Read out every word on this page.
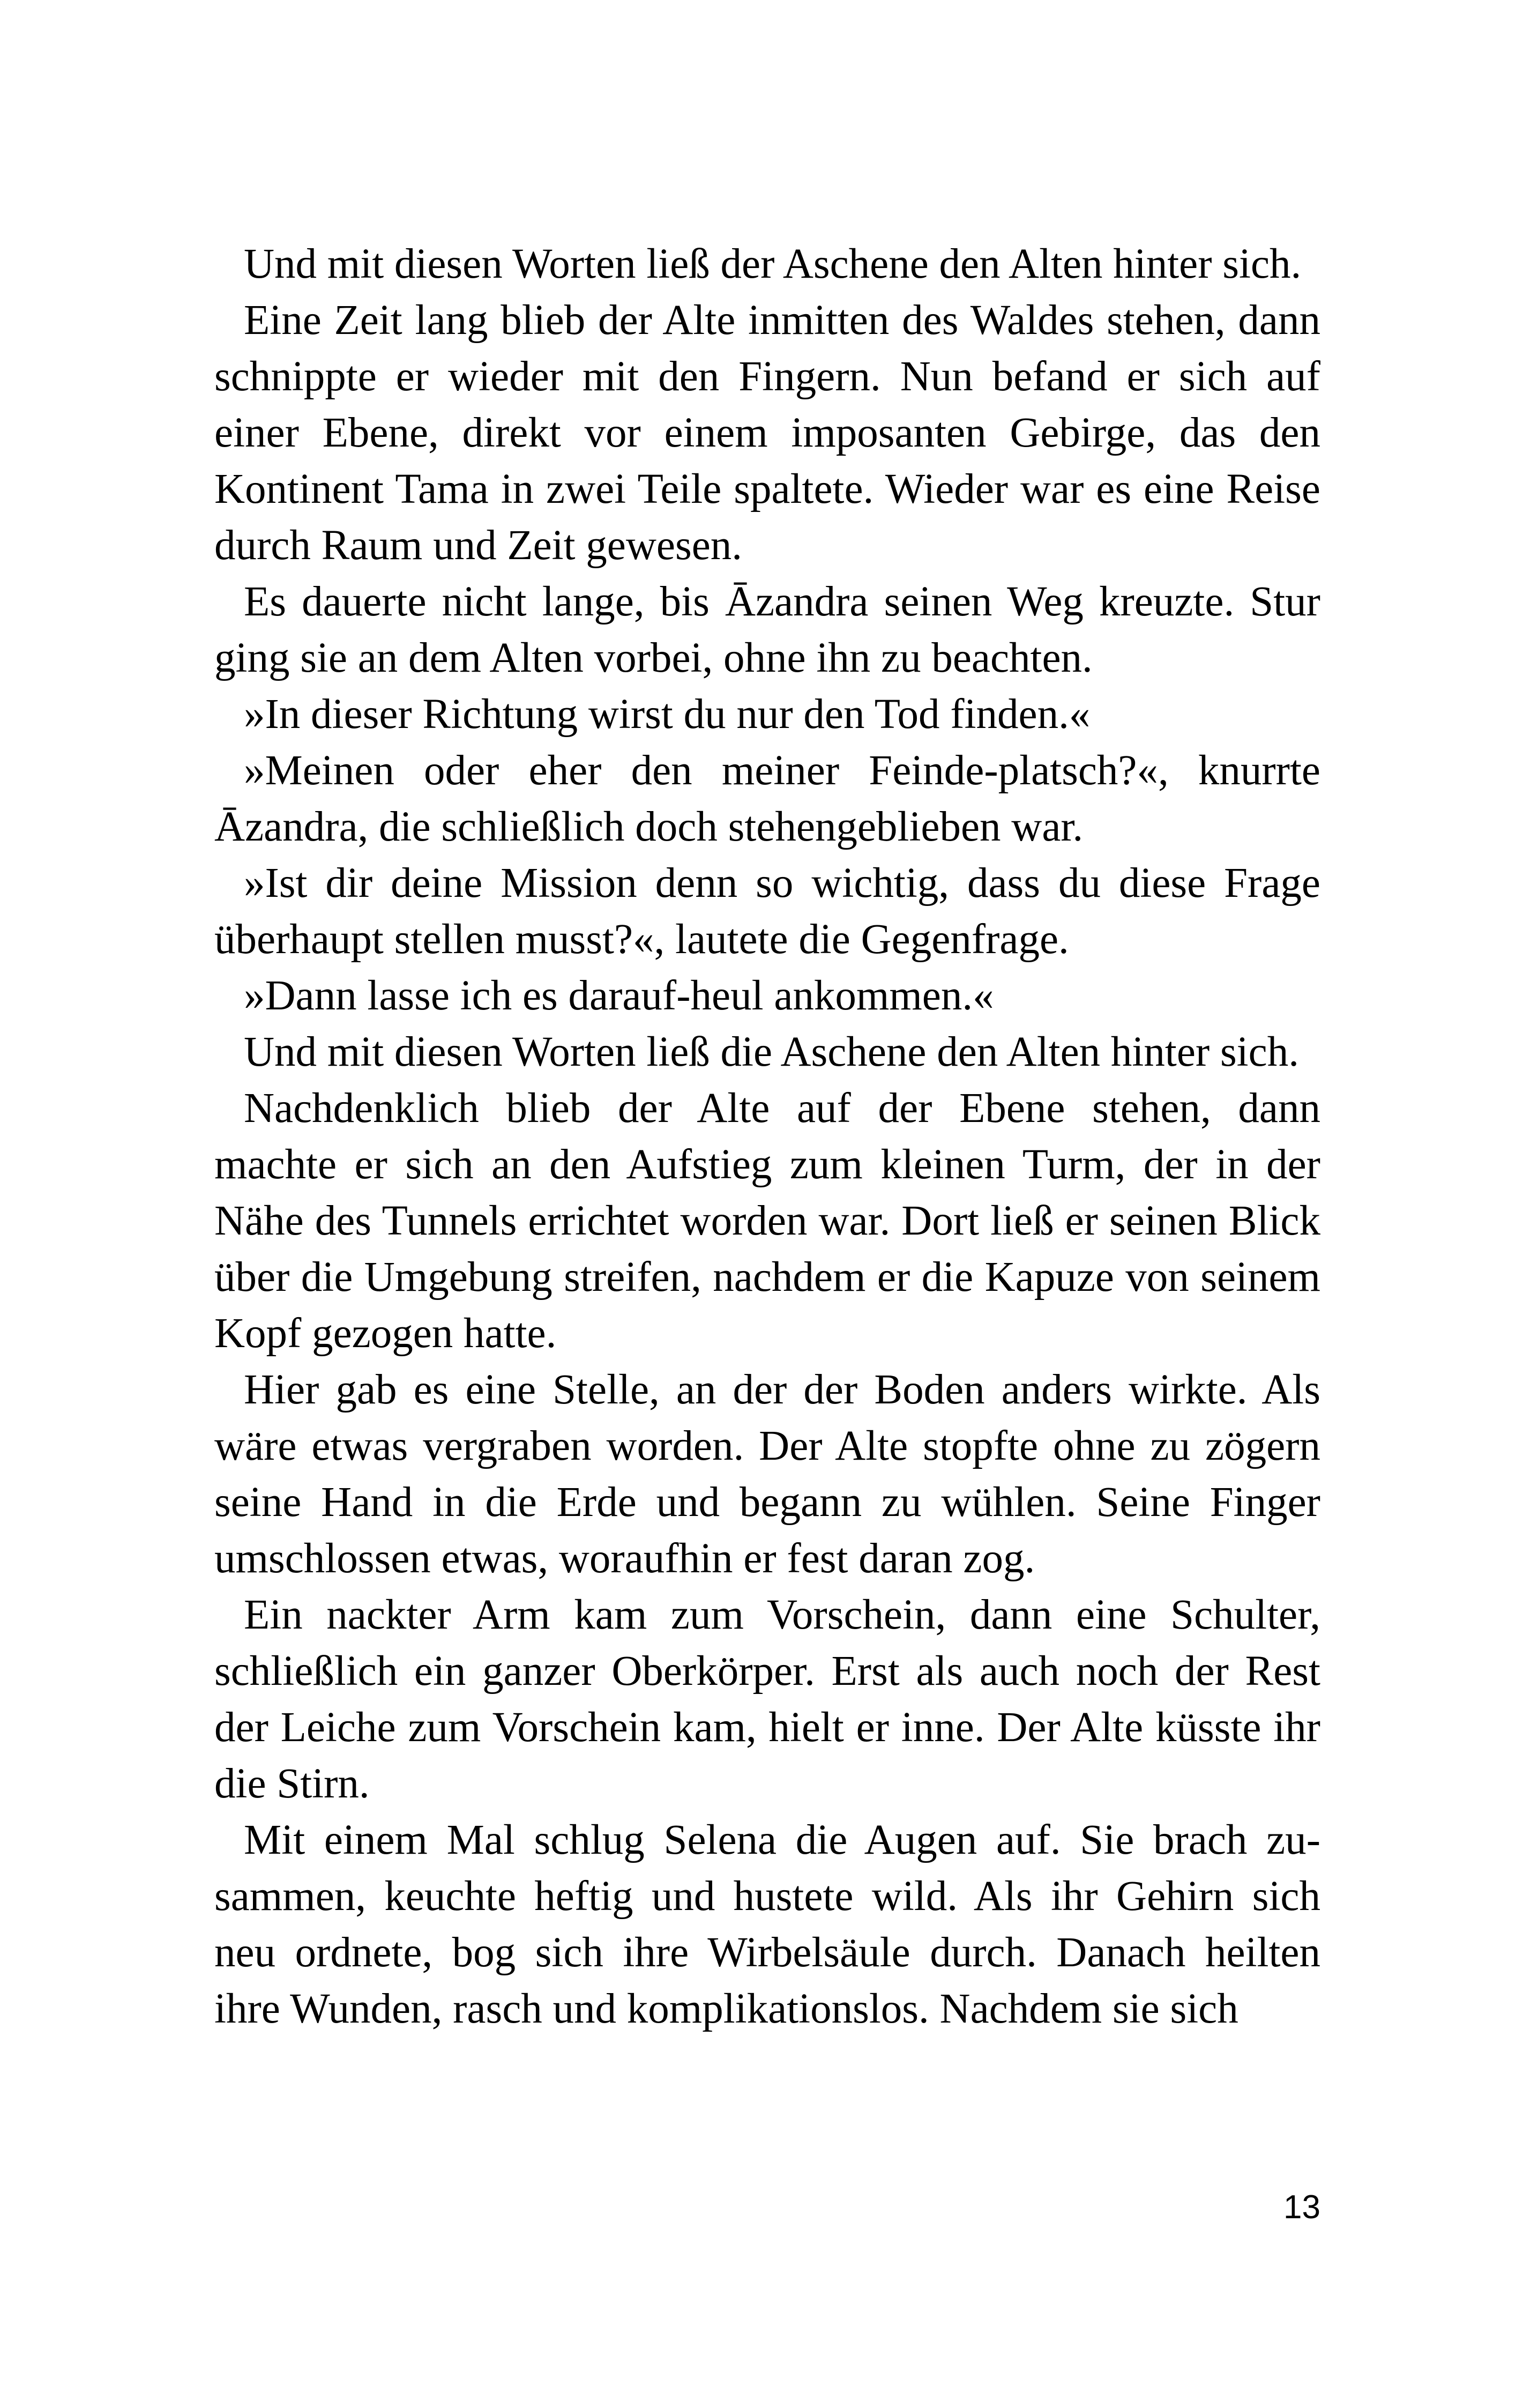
Und mit diesen Worten ließ der Aschene den Alten hinter sich.

Eine Zeit lang blieb der Alte inmitten des Waldes stehen, dann schnippte er wieder mit den Fingern. Nun befand er sich auf einer Ebene, direkt vor einem imposanten Gebirge, das den Kontinent Tama in zwei Teile spaltete. Wieder war es eine Reise durch Raum und Zeit gewesen.

Es dauerte nicht lange, bis Āzandra seinen Weg kreuzte. Stur ging sie an dem Alten vorbei, ohne ihn zu beachten.

»In dieser Richtung wirst du nur den Tod finden.«

»Meinen oder eher den meiner Feinde-platsch?«, knurrte Āzandra, die schließlich doch stehengeblieben war.

»Ist dir deine Mission denn so wichtig, dass du diese Frage überhaupt stellen musst?«, lautete die Gegenfrage.

»Dann lasse ich es darauf-heul ankommen.«

Und mit diesen Worten ließ die Aschene den Alten hinter sich.

Nachdenklich blieb der Alte auf der Ebene stehen, dann machte er sich an den Aufstieg zum kleinen Turm, der in der Nähe des Tunnels errichtet worden war. Dort ließ er seinen Blick über die Umgebung streifen, nachdem er die Kapuze von seinem Kopf gezogen hatte.

Hier gab es eine Stelle, an der der Boden anders wirkte. Als wäre etwas vergraben worden. Der Alte stopfte ohne zu zögern seine Hand in die Erde und begann zu wühlen. Seine Finger umschlossen etwas, woraufhin er fest daran zog.

Ein nackter Arm kam zum Vorschein, dann eine Schulter, schließlich ein ganzer Oberkörper. Erst als auch noch der Rest der Leiche zum Vorschein kam, hielt er inne. Der Alte küsste ihr die Stirn.

Mit einem Mal schlug Selena die Augen auf. Sie brach zusammen, keuchte heftig und hustete wild. Als ihr Gehirn sich neu ordnete, bog sich ihre Wirbelsäule durch. Danach heilten ihre Wunden, rasch und komplikationslos. Nachdem sie sich

13
